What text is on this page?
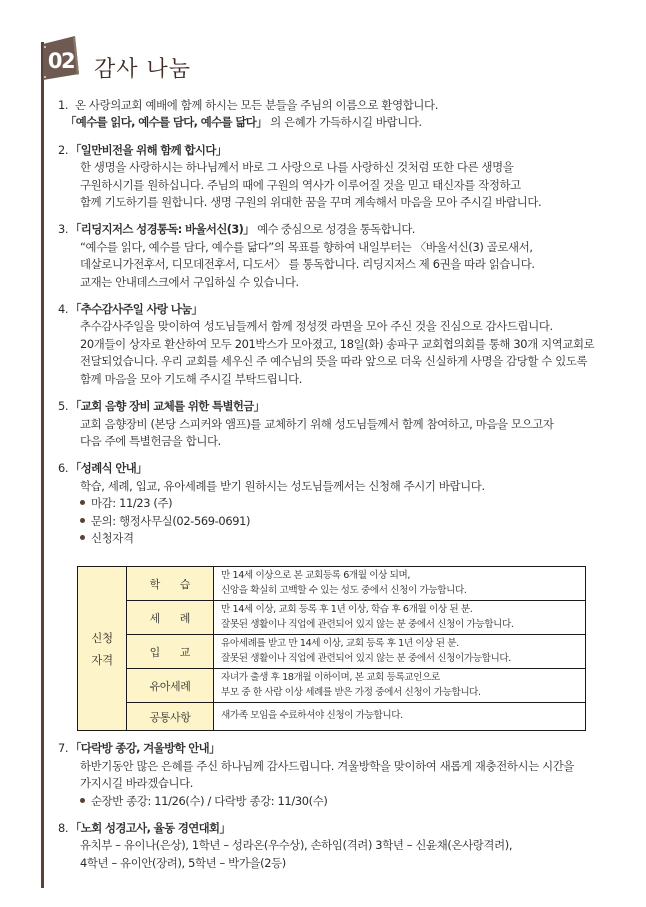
02 감사 나눔
1. 온 사랑의교회 예배에 함께 하시는 모든 분들을 주님의 이름으로 환영합니다.
「예수를 읽다, 예수를 담다, 예수를 닮다」 의 은혜가 가득하시길 바랍니다.
2. 「일만비전을 위해 함께 합시다」
한 생명을 사랑하시는 하나님께서 바로 그 사랑으로 나를 사랑하신 것처럼 또한 다른 생명을
구원하시기를 원하십니다. 주님의 때에 구원의 역사가 이루어질 것을 믿고 태신자를 작정하고
함께 기도하기를 원합니다. 생명 구원의 위대한 꿈을 꾸며 계속해서 마음을 모아 주시길 바랍니다.
3. 「리딩지저스 성경통독: 바울서신(3)」 예수 중심으로 성경을 통독합니다.
“예수를 읽다, 예수를 담다, 예수를 닮다”의 목표를 향하여 내일부터는 〈바울서신(3) 골로새서,
데살로니가전후서, 디모데전후서, 디도서〉 를 통독합니다. 리딩지저스 제 6권을 따라 읽습니다.
교재는 안내데스크에서 구입하실 수 있습니다.
4. 「추수감사주일 사랑 나눔」
추수감사주일을 맞이하여 성도님들께서 함께 정성껏 라면을 모아 주신 것을 진심으로 감사드립니다.
20개들이 상자로 환산하여 모두 201박스가 모아졌고, 18일(화) 송파구 교회협의회를 통해 30개 지역교회로
전달되었습니다. 우리 교회를 세우신 주 예수님의 뜻을 따라 앞으로 더욱 신실하게 사명을 감당할 수 있도록
함께 마음을 모아 기도해 주시길 부탁드립니다.
5. 「교회 음향 장비 교체를 위한 특별헌금」
교회 음향장비 (본당 스피커와 앰프)를 교체하기 위해 성도님들께서 함께 참여하고, 마음을 모으고자
다음 주에 특별헌금을 합니다.
6. 「성례식 안내」
학습, 세례, 입교, 유아세례를 받기 원하시는 성도님들께서는 신청해 주시기 바랍니다.
마감: 11/23 (주)
문의: 행정사무실(02-569-0691)
신청자격
7. 「다락방 종강, 겨울방학 안내」
하반기동안 많은 은혜를 주신 하나님께 감사드립니다. 겨울방학을 맞이하여 새롭게 재충전하시는 시간을
가지시길 바라겠습니다.
순장반 종강: 11/26(수) / 다락방 종강: 11/30(수)
8. 「노회 성경고사, 율동 경연대회」
유치부 – 유이나(은상), 1학년 – 성라온(우수상), 손하임(격려) 3학년 – 신윤채(온사랑격려),
4학년 – 유이안(장려), 5학년 – 박가을(2등)
신청
자격
	학 습	
만 14세 이상으로 본 교회등록 6개월 이상 되며,
신앙을 확실히 고백할 수 있는 성도 중에서 신청이 가능합니다.

	세 례	만 14세 이상, 교회 등록 후 1년 이상, 학습 후 6개월 이상 된 분.
잘못된 생활이나 직업에 관련되어 있지 않는 분 중에서 신청이 가능합니다.

	입 교	유아세례를 받고 만 14세 이상, 교회 등록 후 1년 이상 된 분.
잘못된 생활이나 직업에 관련되어 있지 않는 분 중에서 신청이가능합니다.

	유아세례	자녀가 출생 후 18개월 이하이며, 본 교회 등록교인으로
부모 중 한 사람 이상 세례를 받은 가정 중에서 신청이 가능합니다.

	공통사항	새가족 모임을 수료하셔야 신청이 가능합니다.
